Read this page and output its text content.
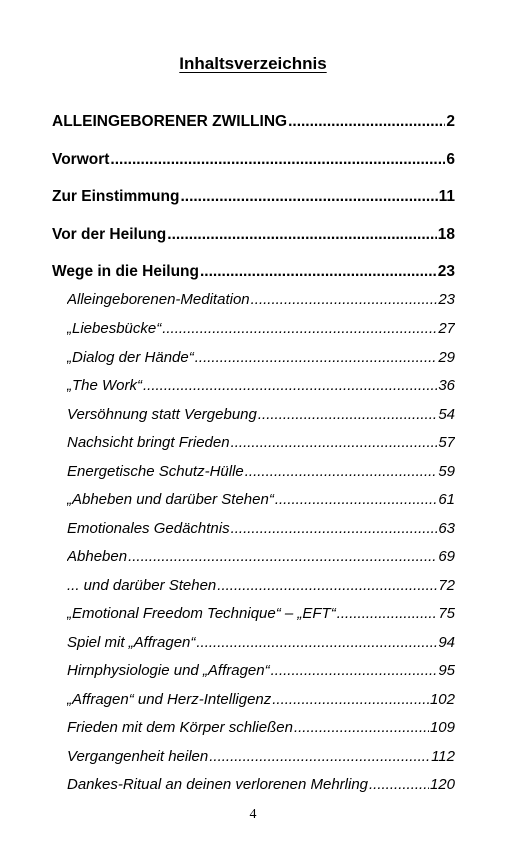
Inhaltsverzeichnis
ALLEINGEBORENER ZWILLING .....	2
Vorwort .....	6
Zur Einstimmung .....	11
Vor der Heilung .....	18
Wege in die Heilung .....	23
Alleingeborenen-Meditation .....	23
„Liebesbücke“ .....	27
„Dialog der Hände“ .....	29
„The Work“ .....	36
Versöhnung statt Vergebung .....	54
Nachsicht bringt Frieden .....	57
Energetische Schutz-Hülle .....	59
„Abheben und darüber Stehen“ .....	61
Emotionales Gedächtnis .....	63
Abheben .....	69
... und darüber Stehen .....	72
„Emotional Freedom Technique“ – „EFT“ .....	75
Spiel mit „Affragen“ .....	94
Hirnphysiologie und „Affragen“ .....	95
„Affragen“ und Herz-Intelligenz .....	102
Frieden mit dem Körper schließen .....	109
Vergangenheit heilen .....	112
Dankes-Ritual an deinen verlorenen Mehrling .....	120
4
